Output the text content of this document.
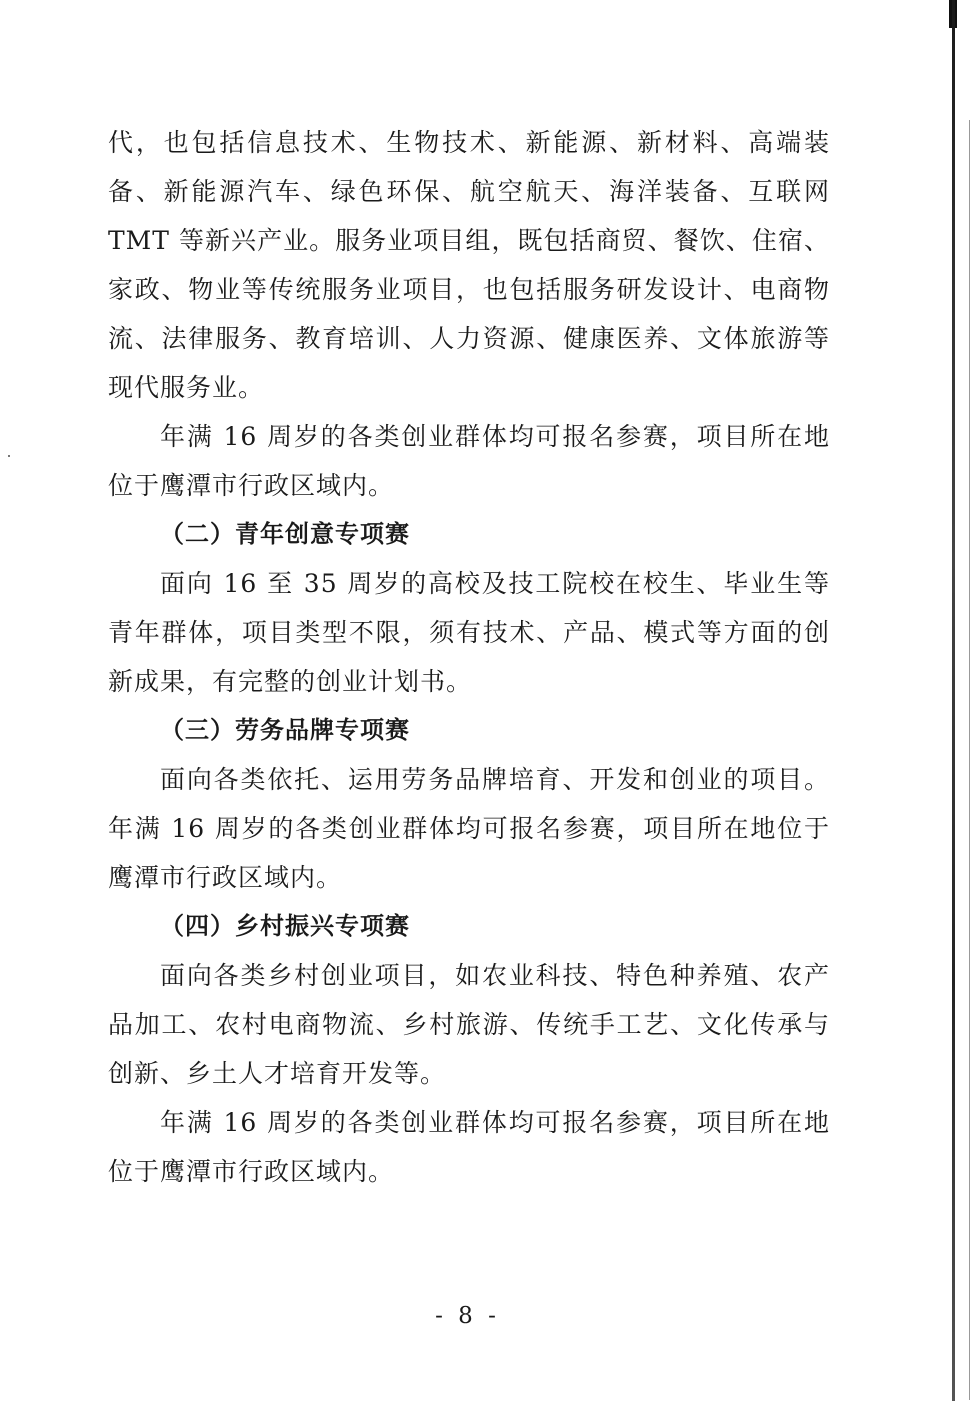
代，也包括信息技术、生物技术、新能源、新材料、高端装备、新能源汽车、绿色环保、航空航天、海洋装备、互联网 TMT 等新兴产业。服务业项目组，既包括商贸、餐饮、住宿、家政、物业等传统服务业项目，也包括服务研发设计、电商物流、法律服务、教育培训、人力资源、健康医养、文体旅游等现代服务业。

年满 16 周岁的各类创业群体均可报名参赛，项目所在地位于鹰潭市行政区域内。

（二）青年创意专项赛

面向 16 至 35 周岁的高校及技工院校在校生、毕业生等青年群体，项目类型不限，须有技术、产品、模式等方面的创新成果，有完整的创业计划书。

（三）劳务品牌专项赛

面向各类依托、运用劳务品牌培育、开发和创业的项目。年满 16 周岁的各类创业群体均可报名参赛，项目所在地位于鹰潭市行政区域内。

（四）乡村振兴专项赛

面向各类乡村创业项目，如农业科技、特色种养殖、农产品加工、农村电商物流、乡村旅游、传统手工艺、文化传承与创新、乡土人才培育开发等。

年满 16 周岁的各类创业群体均可报名参赛，项目所在地位于鹰潭市行政区域内。

- 8 -
